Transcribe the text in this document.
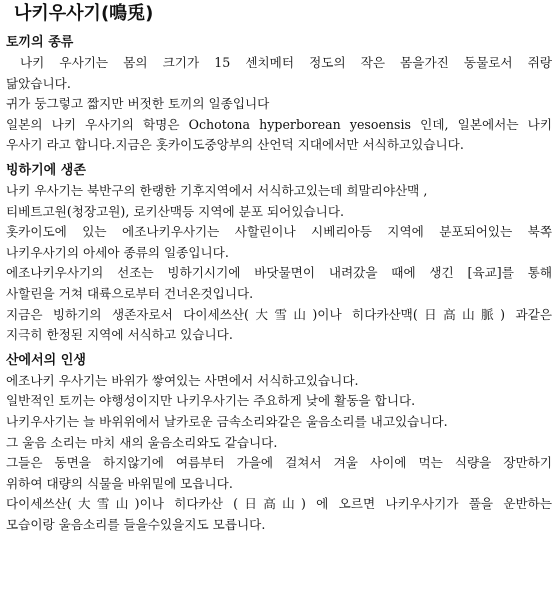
나키우사기(鳴兎)
토끼의 종류
나키 우사기는 몸의 크기가 15 센치메터 정도의 작은 몸을가진 동물로서 쥐랑
닮았습니다.
귀가 둥그렇고 짧지만 버젓한 토끼의 일종입니다
일본의 나키 우사기의 학명은 Ochotona hyperborean yesoensis 인데, 일본에서는 나키
우사기 라고 합니다.지금은 홋카이도중앙부의 산언덕 지대에서만 서식하고있습니다.
빙하기에 생존
나키 우사기는 북반구의 한랭한 기후지역에서 서식하고있는데 희말리야산맥 ,
티베트고원(청장고원), 로키산맥등 지역에 분포 되어있습니다.
홋카이도에 있는 에조나키우사기는 사할린이나 시베리아등 지역에 분포되어있는 북쪽
나키우사기의 아세아 종류의 일종입니다.
에조나키우사기의 선조는 빙하기시기에 바닷물면이 내려갔을 때에 생긴 [육교]를 통해
사할린을 거쳐 대륙으로부터 건너온것입니다.
지금은 빙하기의 생존자로서 다이세쓰산(大雪山)이나 히다카산맥(日高山脈) 과같은
지극히 한정된 지역에 서식하고 있습니다.
산에서의 인생
에조나키 우사기는 바위가 쌓여있는 사면에서 서식하고있습니다.
일반적인 토끼는 야행성이지만 나키우사기는 주요하게 낮에 활동을 합니다.
나키우사기는 늘 바위위에서 날카로운 금속소리와같은 울음소리를 내고있습니다.
그 울음 소리는 마치 새의 울음소리와도 같습니다.
그들은 동면을 하지않기에 여름부터 가을에 걸쳐서 겨울 사이에 먹는 식량을 장만하기
위하여 대량의 식물을 바위밑에 모읍니다.
다이세쓰산(大雪山)이나 히다카산 (日高山) 에 오르면 나키우사기가 풀을 운반하는
모습이랑 울음소리를 들을수있을지도 모릅니다.
